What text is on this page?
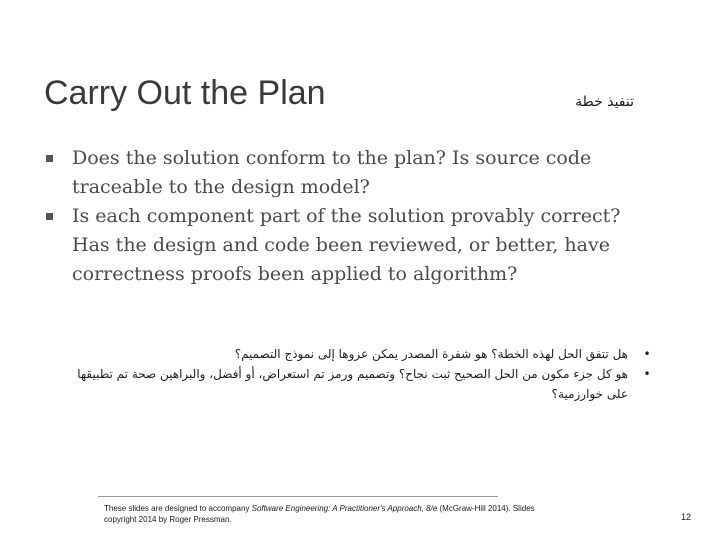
Carry Out the Plan	تنفيذ خطة

Does the solution conform to the plan? Is source code traceable to the design model?

Is each component part of the solution provably correct? Has the design and code been reviewed, or better, have correctness proofs been applied to algorithm?

•
هل تتفق الحل لهذه الخطة؟ هو شفرة المصدر يمكن عزوها إلى نموذج التصميم؟

•
هو كل جزء مكون من الحل الصحيح ثبت نجاح؟ وتصميم ورمز تم استعراض، أو أفضل، والبراهين صحة تم تطبيقها على خوارزمية؟

These slides are designed to accompany Software Engineering: A Practitioner's Approach, 8/e (McGraw-Hill 2014). Slides copyright 2014 by Roger Pressman.	12
